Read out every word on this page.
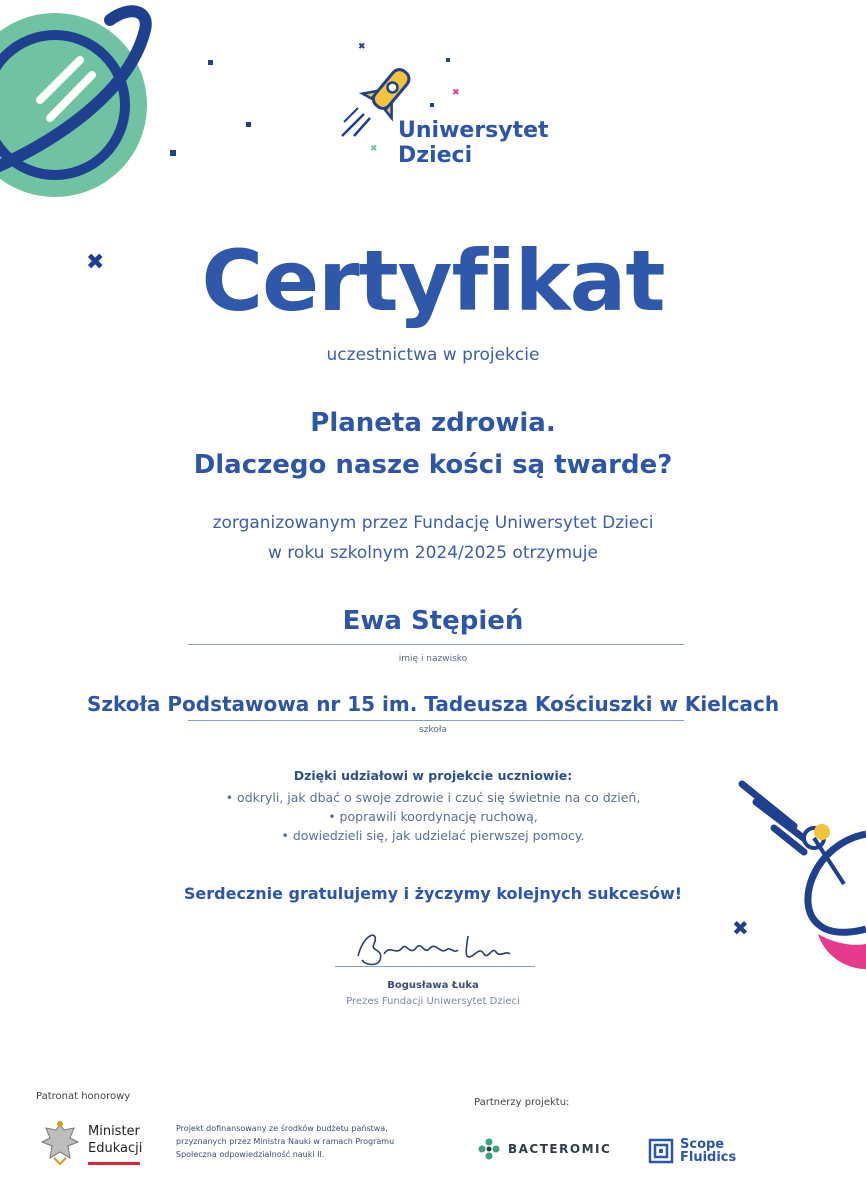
✖
✖
✖
✖
✖
Uniwersytet
Dzieci
Certyfikat
uczestnictwa w projekcie
Planeta zdrowia.
Dlaczego nasze kości są twarde?
zorganizowanym przez Fundację Uniwersytet Dzieci
w roku szkolnym 2024/2025 otrzymuje
Ewa Stępień
imię i nazwisko
Szkoła Podstawowa nr 15 im. Tadeusza Kościuszki w Kielcach
szkoła
Dzięki udziałowi w projekcie uczniowie:
• odkryli, jak dbać o swoje zdrowie i czuć się świetnie na co dzień,
• poprawili koordynację ruchową,
• dowiedzieli się, jak udzielać pierwszej pomocy.
Serdecznie gratulujemy i życzymy kolejnych sukcesów!
Bogusława Łuka
Prezes Fundacji Uniwersytet Dzieci
Patronat honorowy
Minister
Edukacji
Projekt dofinansowany ze środków budżetu państwa, przyznanych przez Ministra Nauki w ramach Programu Społeczna odpowiedzialność nauki II.
Partnerzy projektu:
BACTEROMIC	Scope
Fluidics
